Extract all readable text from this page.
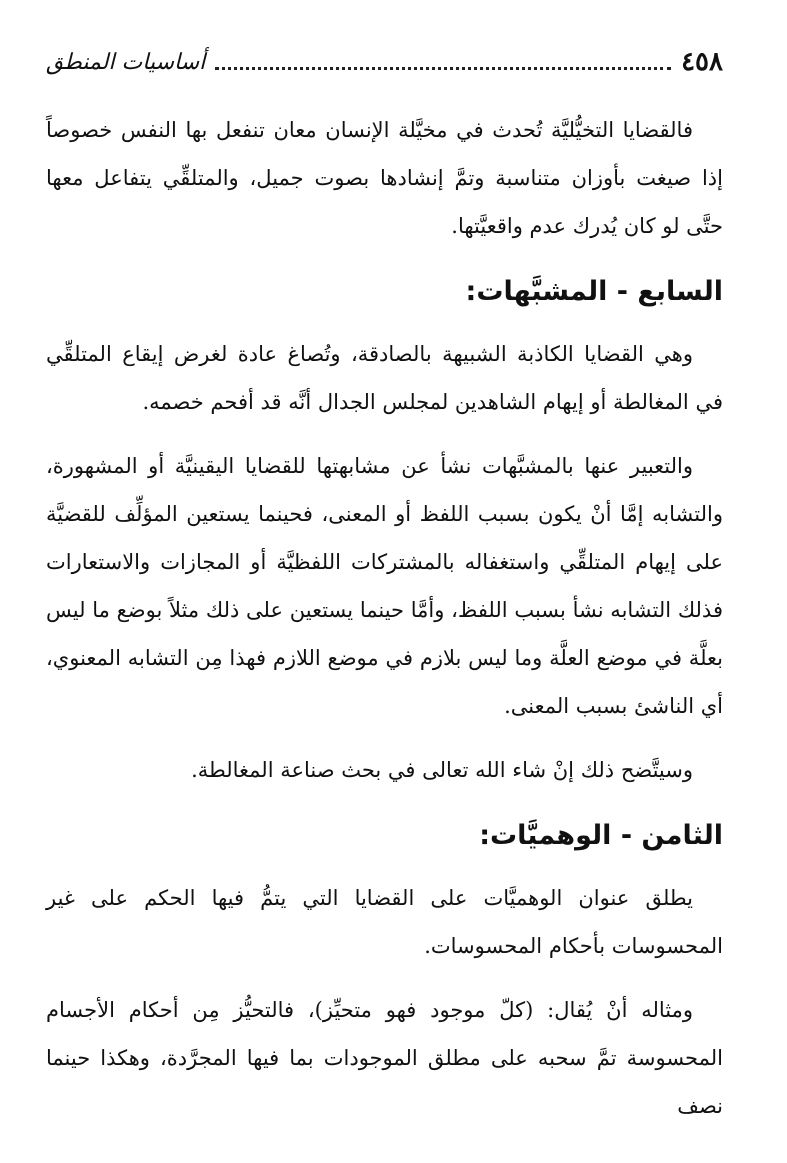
٤٥٨
أساسيات المنطق

فالقضايا التخيُّليَّة تُحدث في مخيَّلة الإنسان معان تنفعل بها النفس خصوصاً إذا صيغت بأوزان متناسبة وتمَّ إنشادها بصوت جميل، والمتلقِّي يتفاعل معها حتَّى لو كان يُدرك عدم واقعيَّتها.

السابع - المشبَّهات:

وهي القضايا الكاذبة الشبيهة بالصادقة، وتُصاغ عادة لغرض إيقاع المتلقِّي في المغالطة أو إيهام الشاهدين لمجلس الجدال أنَّه قد أفحم خصمه.

والتعبير عنها بالمشبَّهات نشأ عن مشابهتها للقضايا اليقينيَّة أو المشهورة، والتشابه إمَّا أنْ يكون بسبب اللفظ أو المعنى، فحينما يستعين المؤلِّف للقضيَّة على إيهام المتلقِّي واستغفاله بالمشتركات اللفظيَّة أو المجازات والاستعارات فذلك التشابه نشأ بسبب اللفظ، وأمَّا حينما يستعين على ذلك مثلاً بوضع ما ليس بعلَّة في موضع العلَّة وما ليس بلازم في موضع اللازم فهذا مِن التشابه المعنوي، أي الناشئ بسبب المعنى.

وسيتَّضح ذلك إنْ شاء الله تعالى في بحث صناعة المغالطة.

الثامن - الوهميَّات:

يطلق عنوان الوهميَّات على القضايا التي يتمُّ فيها الحكم على غير المحسوسات بأحكام المحسوسات.

ومثاله أنْ يُقال: (كلّ موجود فهو متحيِّز)، فالتحيُّز مِن أحكام الأجسام المحسوسة تمَّ سحبه على مطلق الموجودات بما فيها المجرَّدة، وهكذا حينما نصف
